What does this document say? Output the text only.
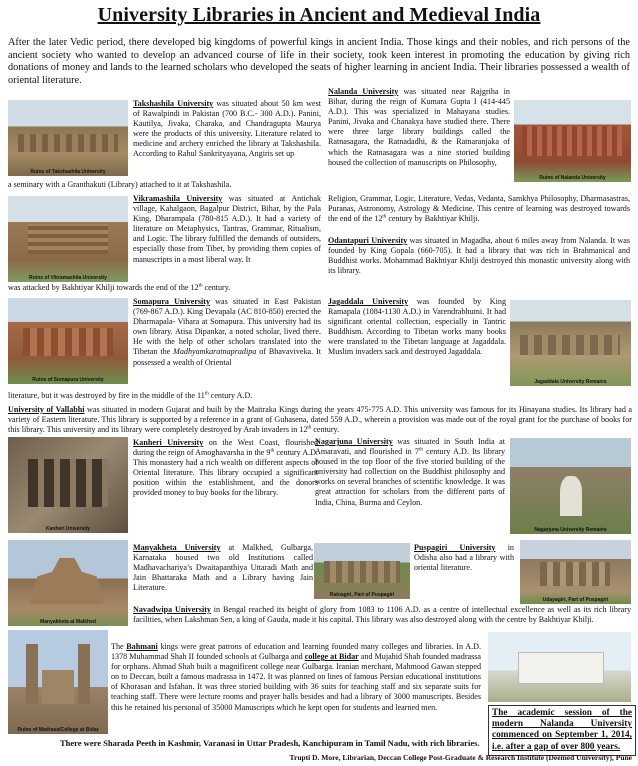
University Libraries in Ancient and Medieval India
After the later Vedic period, there developed big kingdoms of powerful kings in ancient India. Those kings and their nobles, and rich persons of the ancient society who wanted to develop an advanced course of life in their society, took keen interest in promoting the education by giving rich donations of money and lands to the learned scholars who developed the seats of higher learning in ancient India. Their libraries possessed a wealth of oriental literature.
Ruins of Takshashila University
Takshashila University was situated about 50 km west of Rawalpindi in Pakistan (700 B.C.- 300 A.D.). Panini, Kautilya, Jivaka, Charaka, and Chandragupta Maurya were the products of this university. Literature related to medicine and archery enriched the library at Takshashila. According to Rahul Sankrityayana, Angiris set up
a seminary with a Granthakuti (Library) attached to it at Takshashila.
Nalanda University was situated near Rajgriha in Bihar, during the reign of Kumara Gupta I (414-445 A.D.). This was specialized in Mahayana studies. Panini, Jivaka and Chanakya have studied there. There were three large library buildings called the Ratnasagara, the Ratnadadhi, & the Ratnaranjaka of which the Ratnasagara was a nine storied building housed the collection of manuscripts on Philosophy,
Ruins of Nalanda University
Religion, Grammar, Logic, Literature, Vedas, Vedanta, Samkhya Philosophy, Dharmasastras, Puranas, Astronomy, Astrology & Medicine. This centre of learning was destroyed towards the end of the 12th century by Bakhtiyar Khilji.
Ruins of Vikramashila University
Vikramashila University was situated at Antichak village, Kahalgaon, Bagalpur District, Bihar, by the Pala King, Dharampala (780-815 A.D.). It had a variety of literature on Metaphysics, Tantras, Grammar, Ritualism, and Logic. The library fulfilled the demands of outsiders, especially those from Tibet, by providing them copies of manuscripts in a most liberal way. It
was attacked by Bakhtiyar Khilji towards the end of the 12th century.
Odantapuri University was situated in Magadha, about 6 miles away from Nalanda. It was founded by King Gopala (660-705). It had a library that was rich in Brahmanical and Buddhist works. Mohammad Bakhtiyar Khilji destroyed this monastic university along with its library.
Ruins of Somapura University
Somapura University was situated in East Pakistan (769-867 A.D.). King Devapala (AC 810-850) erected the Dharmapala- Vihara at Somapura. This university had its own library. Atisa Dipankar, a noted scholar, lived there. He with the help of other scholars translated into the Tibetan the Madhyamkaratnapradipa of Bhavaviveka. It possessed a wealth of Oriental
literature, but it was destroyed by fire in the middle of the 11th century A.D.
Jagaddala University was founded by King Ramapala (1084-1130 A.D.) in Varendrabhumi. It had significant oriental collection, especially in Tantric Buddhism. According to Tibetan works many books were translated to the Tibetan language at Jagaddala. Muslim invaders sack and destroyed Jagaddala.
Jagaddala University Remains
University of Vallabhi was situated in modern Gujarat and built by the Maitraka Kings during the years 475-775 A.D. This university was famous for its Hinayana studies. Its library had a variety of Eastern literature. This library is supported by a reference in a grant of Guhasena, dated 559 A.D., wherein a provision was made out of the royal grant for the purchase of books for this library. This university and its library were completely destroyed by Arab invaders in 12th century.
Kanheri University
Kanheri University on the West Coast, flourished during the reign of Amoghavarsha in the 9th century A.D. This monastery had a rich wealth on different aspects of Oriental literature. This library occupied a significant position within the establishment, and the donors provided money to buy books for the library.
Nagarjuna University was situated in South India at Amaravati, and flourished in 7th century A.D. Its library housed in the top floor of the five storied building of the university had collection on the Buddhist philosophy and works on several branches of scientific knowledge. It was great attraction for scholars from the different parts of India, China, Burma and Ceylon.
Nagarjuna University Remains
Manyakheta at Malkhed
Manyakheta University at Malkhed, Gulbarga, Karnataka housed two old Institutions called Madhavachariya’s Dwaitapanthiya Uttaradi Math and Jain Bhattaraka Math and a Library having Jain Literature.
Ratnagiri, Part of Puspagiri
Puspagiri University in Odisha also had a library with oriental literature.
Udayagiri, Part of Puspagiri
Navadwipa University in Bengal reached its height of glory from 1083 to 1106 A.D. as a centre of intellectual excellence as well as its rich library facilities, when Lakshman Sen, a king of Gauda, made it his capital. This library was also destroyed along with the centre by Bakhtiyar Khilji.
Ruins of Madrasa/College at Bidar
The Bahmani kings were great patrons of education and learning founded many colleges and libraries. In A.D. 1378 Muhammad Shah II founded schools at Gulbarga and college at Bidar and Mujahid Shah founded madrassa for orphans. Ahmad Shah built a magnificent college near Gulbarga. Iranian merchant, Mahmood Gawan stepped on to Deccan, built a famous madrassa in 1472. It was planned on lines of famous Persian educational institutions of Khorasan and Isfahan. It was three storied building with 36 suits for teaching staff and six separate suits for teaching staff. There were lecture rooms and prayer halls besides and had a library of 3000 manuscripts. Besides this he retained his personal of 35000 Manuscripts which he kept open for students and learned men.
The academic session of the modern Nalanda University commenced on September 1, 2014, i.e. after a gap of over 800 years.
There were Sharada Peeth in Kashmir, Varanasi in Uttar Pradesh, Kanchipuram in Tamil Nadu, with rich libraries.
Trupti D. More, Librarian, Deccan College Post-Graduate & Research Institute (Deemed University), Pune
